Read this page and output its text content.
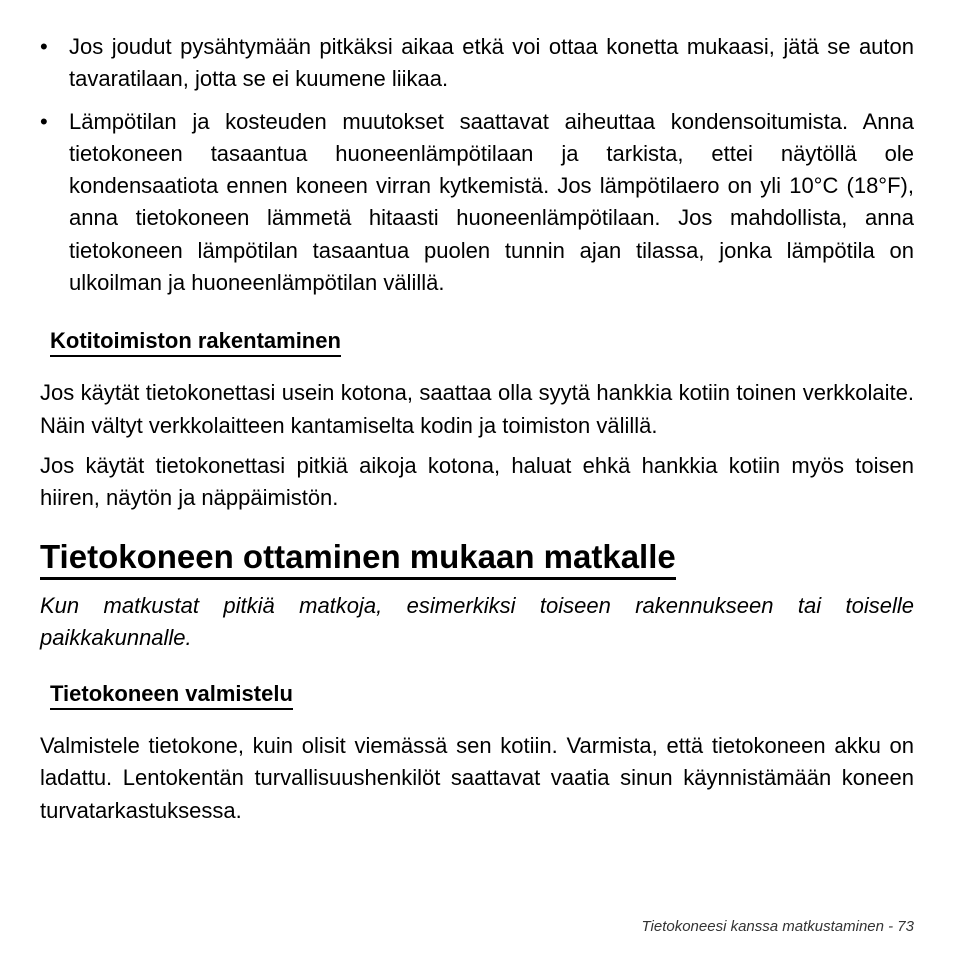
• Jos joudut pysähtymään pitkäksi aikaa etkä voi ottaa konetta mukaasi, jätä se auton tavaratilaan, jotta se ei kuumene liikaa.
• Lämpötilan ja kosteuden muutokset saattavat aiheuttaa kondensoitumista. Anna tietokoneen tasaantua huoneenlämpötilaan ja tarkista, ettei näytöllä ole kondensaatiota ennen koneen virran kytkemistä. Jos lämpötilaero on yli 10°C (18°F), anna tietokoneen lämmetä hitaasti huoneenlämpötilaan. Jos mahdollista, anna tietokoneen lämpötilan tasaantua puolen tunnin ajan tilassa, jonka lämpötila on ulkoilman ja huoneenlämpötilan välillä.
Kotitoimiston rakentaminen

Jos käytät tietokonettasi usein kotona, saattaa olla syytä hankkia kotiin toinen verkkolaite. Näin vältyt verkkolaitteen kantamiselta kodin ja toimiston välillä.

Jos käytät tietokonettasi pitkiä aikoja kotona, haluat ehkä hankkia kotiin myös toisen hiiren, näytön ja näppäimistön.

Tietokoneen ottaminen mukaan matkalle

Kun matkustat pitkiä matkoja, esimerkiksi toiseen rakennukseen tai toiselle paikkakunnalle.

Tietokoneen valmistelu

Valmistele tietokone, kuin olisit viemässä sen kotiin. Varmista, että tietokoneen akku on ladattu. Lentokentän turvallisuushenkilöt saattavat vaatia sinun käynnistämään koneen turvatarkastuksessa.

Tietokoneesi kanssa matkustaminen - 73
